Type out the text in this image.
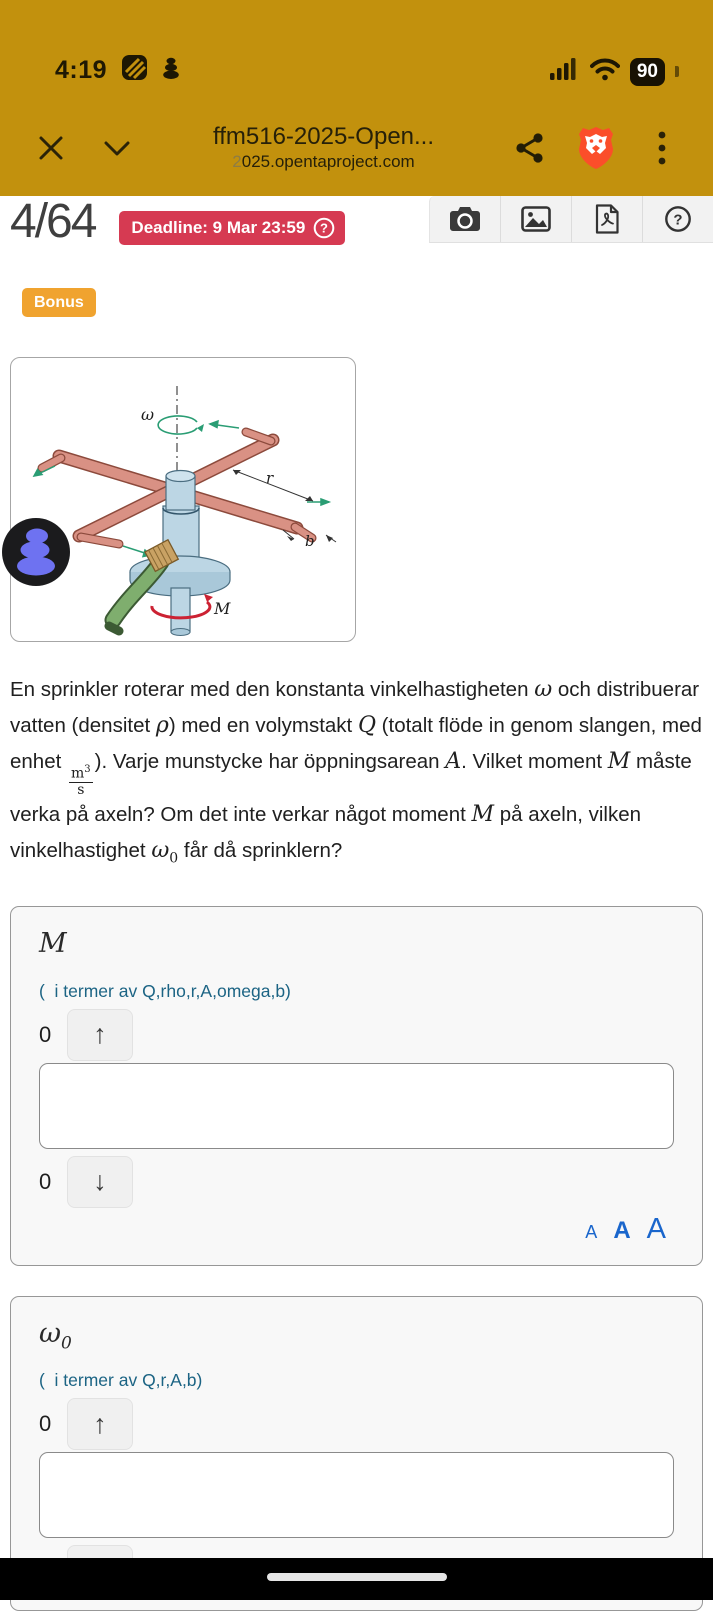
4:19	90
ffm516-2025-Open...
2025.opentaproject.com
4/64 Deadline: 9 Mar 23:59 ?	?
Bonus
ω
M
r
b

En sprinkler roterar med den konstanta vinkelhastigheten ω och distribuerar vatten (densitet ρ) med en volymstakt Q (totalt flöde in genom slangen, med enhet
$\frac{m^3}{s}$
). Varje munstycke har öppningsarean A. Vilket moment M måste verka på axeln? Om det inte verkar något moment M på axeln, vilken vinkelhastighet $\omega_0$ får då sprinklern?

M
(  i termer av Q,rho,r,A,omega,b)
0 ↑
0 ↓
A A A
$\omega_0$
(  i termer av Q,r,A,b)
0 ↑
